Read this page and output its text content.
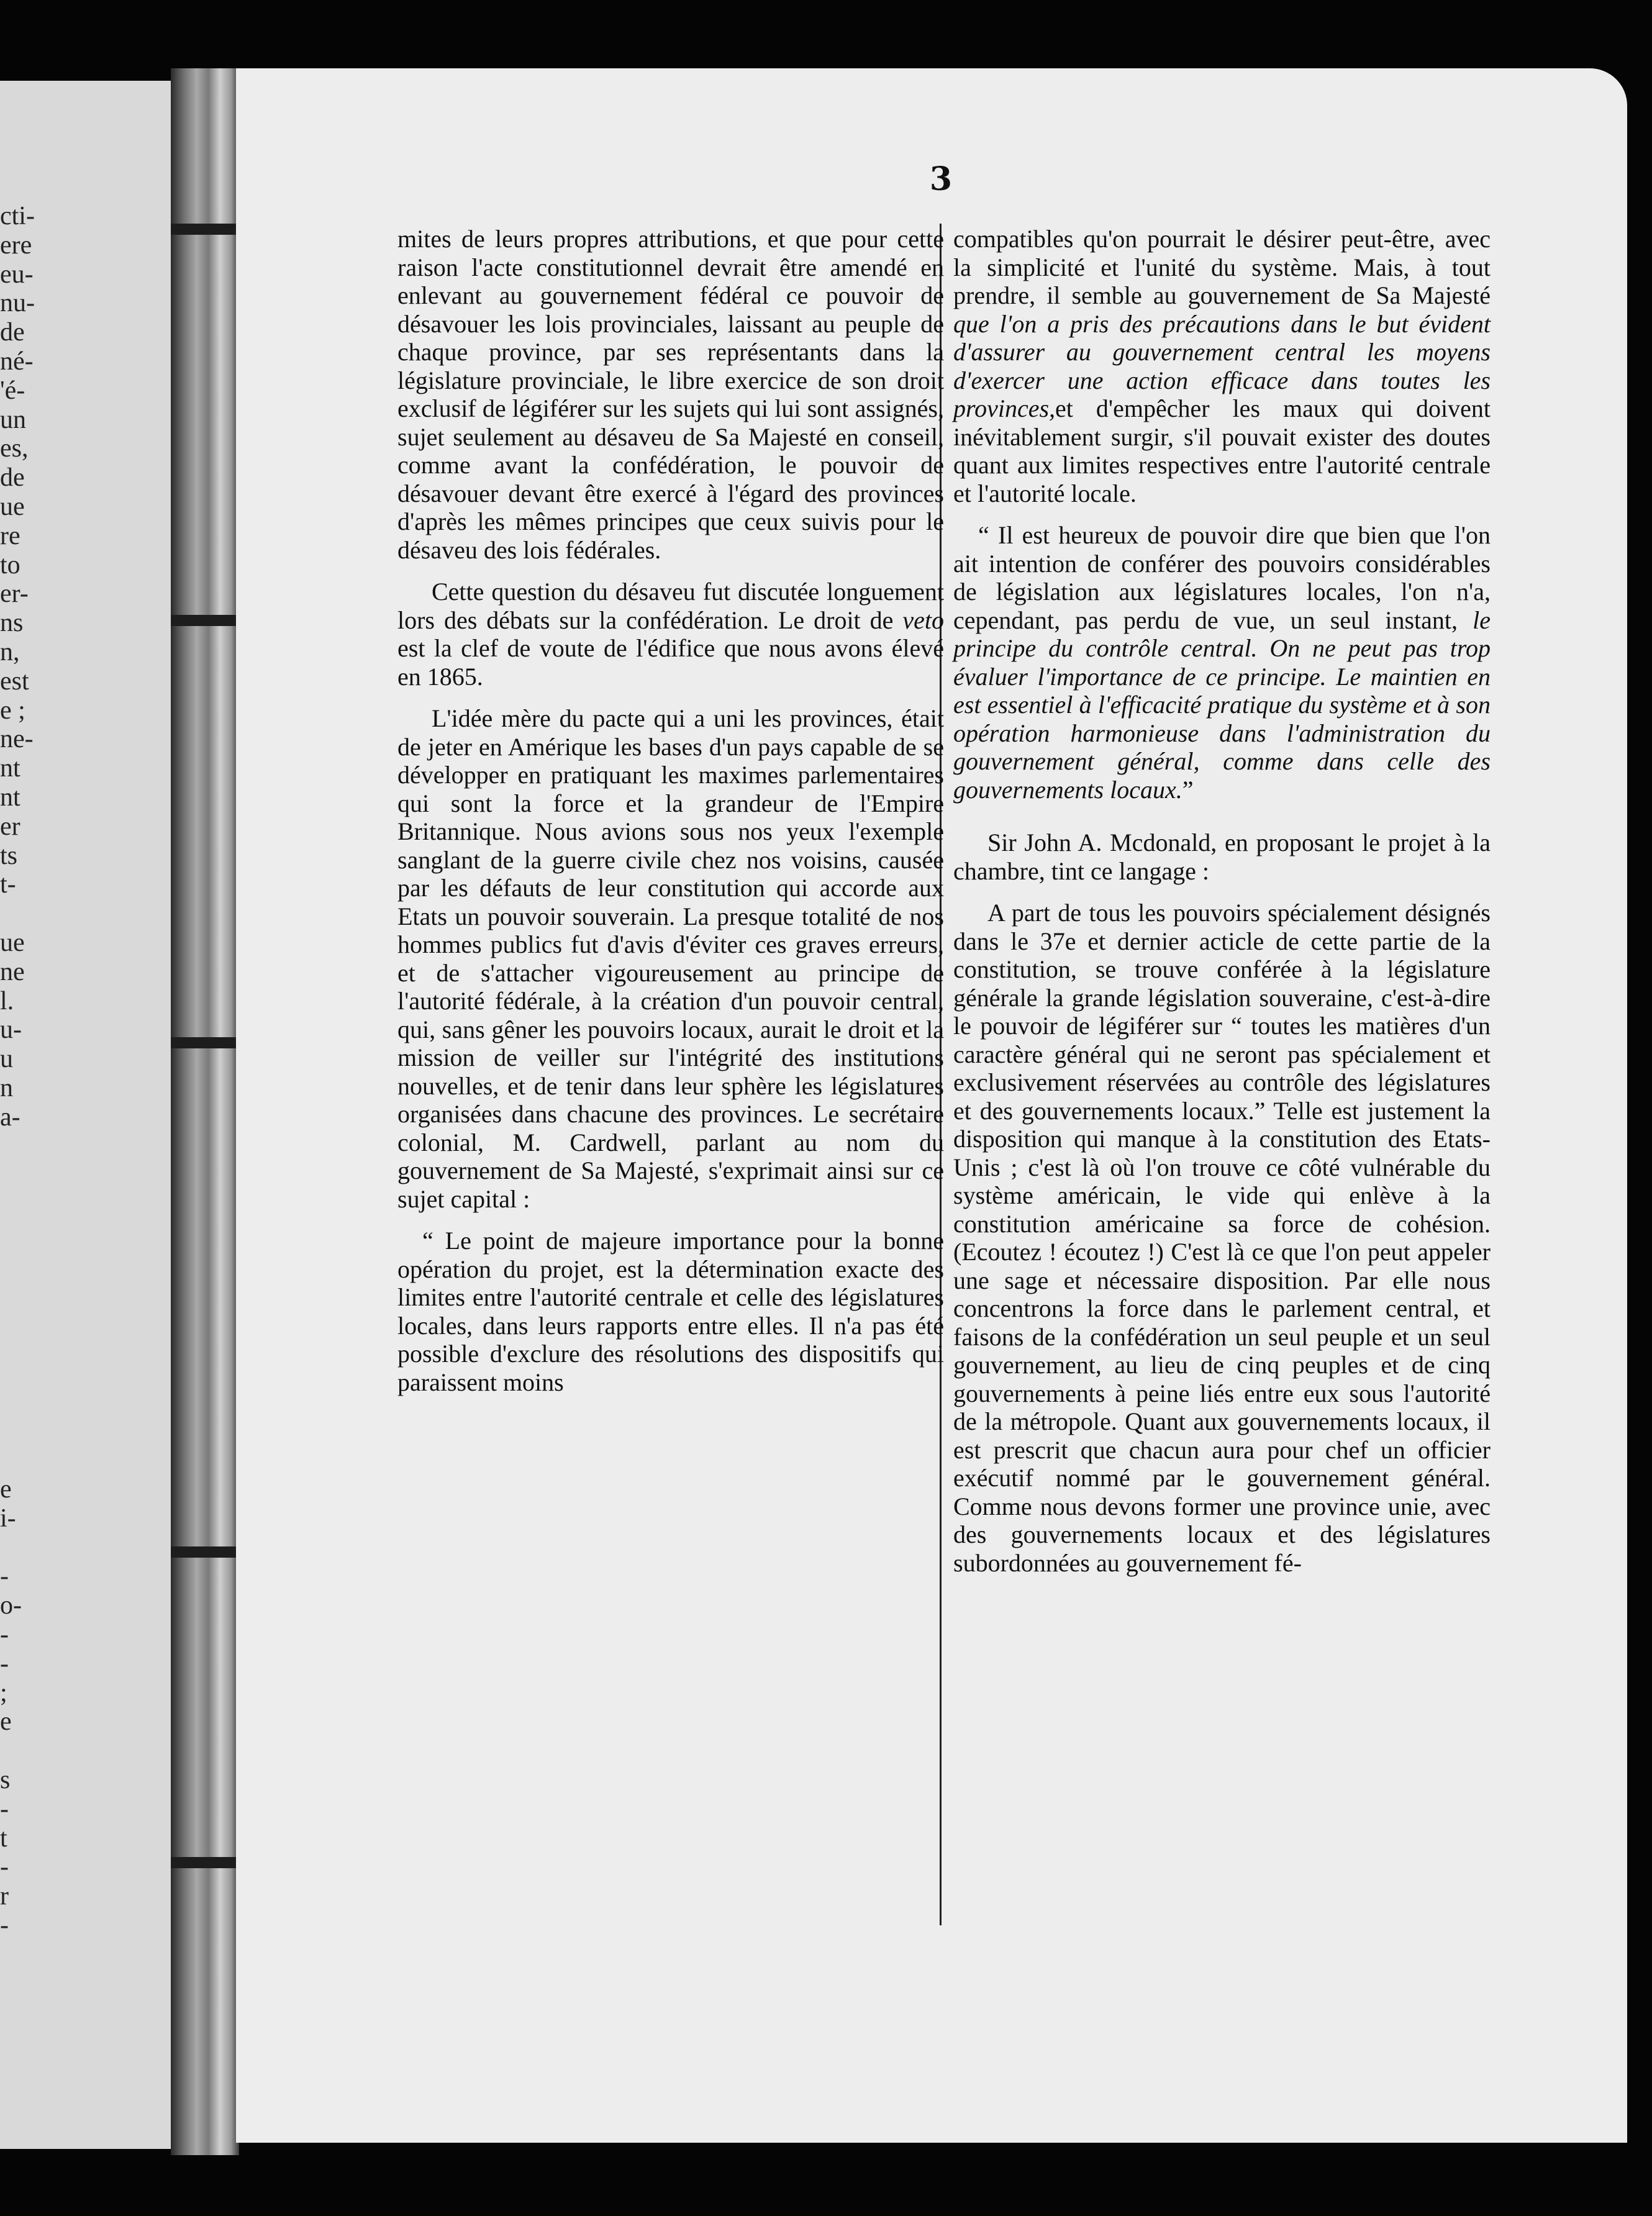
cti-
ere
eu-
nu-
de
né-
'é-
un
es,
de
ue
re
to
er-
ns
n,
est
e ;
ne-
nt
nt
er
ts
t-

ue
ne
l.
u-
u
n
a-
e
i-

-
o-
-
-
;
e

s
-
t
-
r
-
3

mites de leurs propres attributions, et que pour cette raison l'acte constitutionnel devrait être amendé en enlevant au gouvernement fédéral ce pouvoir de désavouer les lois provinciales, laissant au peuple de chaque province, par ses représentants dans la législature provinciale, le libre exercice de son droit exclusif de légiférer sur les sujets qui lui sont assignés, sujet seulement au désaveu de Sa Majesté en conseil, comme avant la confédération, le pouvoir de désavouer devant être exercé à l'égard des provinces d'après les mêmes principes que ceux suivis pour le désaveu des lois fédérales.

Cette question du désaveu fut discutée longuement lors des débats sur la confédération. Le droit de veto est la clef de voute de l'édifice que nous avons élevé en 1865.

L'idée mère du pacte qui a uni les provinces, était de jeter en Amérique les bases d'un pays capable de se développer en pratiquant les maximes parlementaires qui sont la force et la grandeur de l'Empire Britannique. Nous avions sous nos yeux l'exemple sanglant de la guerre civile chez nos voisins, causée par les défauts de leur constitution qui accorde aux Etats un pouvoir souverain. La presque totalité de nos hommes publics fut d'avis d'éviter ces graves erreurs, et de s'attacher vigoureusement au principe de l'autorité fédérale, à la création d'un pouvoir central, qui, sans gêner les pouvoirs locaux, aurait le droit et la mission de veiller sur l'intégrité des institutions nouvelles, et de tenir dans leur sphère les législatures organisées dans chacune des provinces. Le secrétaire colonial, M. Cardwell, parlant au nom du gouvernement de Sa Majesté, s'exprimait ainsi sur ce sujet capital :

“ Le point de majeure importance pour la bonne opération du projet, est la détermination exacte des limites entre l'autorité centrale et celle des législatures locales, dans leurs rapports entre elles. Il n'a pas été possible d'exclure des résolutions des dispositifs qui paraissent moins

compatibles qu'on pourrait le désirer peut-être, avec la simplicité et l'unité du système. Mais, à tout prendre, il semble au gouvernement de Sa Majesté que l'on a pris des précautions dans le but évident d'assurer au gouvernement central les moyens d'exercer une action efficace dans toutes les provinces,et d'empêcher les maux qui doivent inévitablement surgir, s'il pouvait exister des doutes quant aux limites respectives entre l'autorité centrale et l'autorité locale.

“ Il est heureux de pouvoir dire que bien que l'on ait intention de conférer des pouvoirs considérables de législation aux législatures locales, l'on n'a, cependant, pas perdu de vue, un seul instant, le principe du contrôle central. On ne peut pas trop évaluer l'importance de ce principe. Le maintien en est essentiel à l'efficacité pratique du système et à son opération harmonieuse dans l'administration du gouvernement général, comme dans celle des gouvernements locaux.”

Sir John A. Mcdonald, en proposant le projet à la chambre, tint ce langage :

A part de tous les pouvoirs spécialement désignés dans le 37e et dernier acticle de cette partie de la constitution, se trouve conférée à la législature générale la grande législation souveraine, c'est-à-dire le pouvoir de légiférer sur “ toutes les matières d'un caractère général qui ne seront pas spécialement et exclusivement réservées au contrôle des législatures et des gouvernements locaux.” Telle est justement la disposition qui manque à la constitution des Etats-Unis ; c'est là où l'on trouve ce côté vulnérable du système américain, le vide qui enlève à la constitution américaine sa force de cohésion. (Ecoutez ! écoutez !) C'est là ce que l'on peut appeler une sage et nécessaire disposition. Par elle nous concentrons la force dans le parlement central, et faisons de la confédération un seul peuple et un seul gouvernement, au lieu de cinq peuples et de cinq gouvernements à peine liés entre eux sous l'autorité de la métropole. Quant aux gouvernements locaux, il est prescrit que chacun aura pour chef un officier exécutif nommé par le gouvernement général. Comme nous devons former une province unie, avec des gouvernements locaux et des législatures subordonnées au gouvernement fé-
